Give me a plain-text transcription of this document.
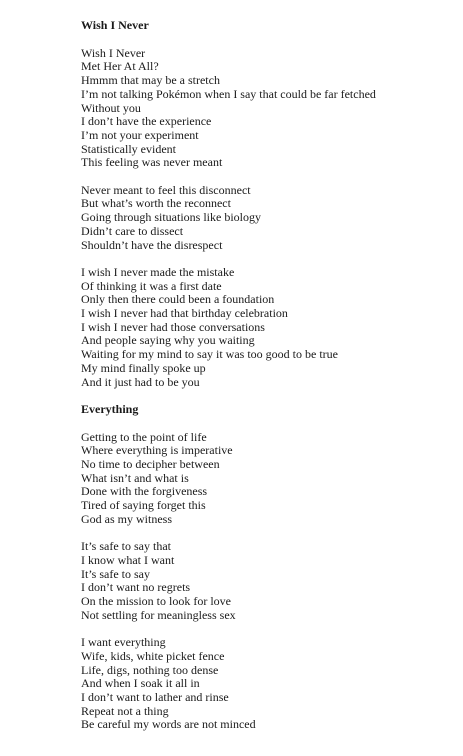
Wish I Never
Wish I Never
Met Her At All?
Hmmm that may be a stretch
I’m not talking Pokémon when I say that could be far fetched
Without you
I don’t have the experience
I’m not your experiment
Statistically evident
This feeling was never meant
Never meant to feel this disconnect
But what’s worth the reconnect
Going through situations like biology
Didn’t care to dissect
Shouldn’t have the disrespect
I wish I never made the mistake
Of thinking it was a first date
Only then there could been a foundation
I wish I never had that birthday celebration
I wish I never had those conversations
And people saying why you waiting
Waiting for my mind to say it was too good to be true
My mind finally spoke up
And it just had to be you
Everything
Getting to the point of life
Where everything is imperative
No time to decipher between
What isn’t and what is
Done with the forgiveness
Tired of saying forget this
God as my witness
It’s safe to say that
I know what I want
It’s safe to say
I don’t want no regrets
On the mission to look for love
Not settling for meaningless sex
I want everything
Wife, kids, white picket fence
Life, digs, nothing too dense
And when I soak it all in
I don’t want to lather and rinse
Repeat not a thing
Be careful my words are not minced
